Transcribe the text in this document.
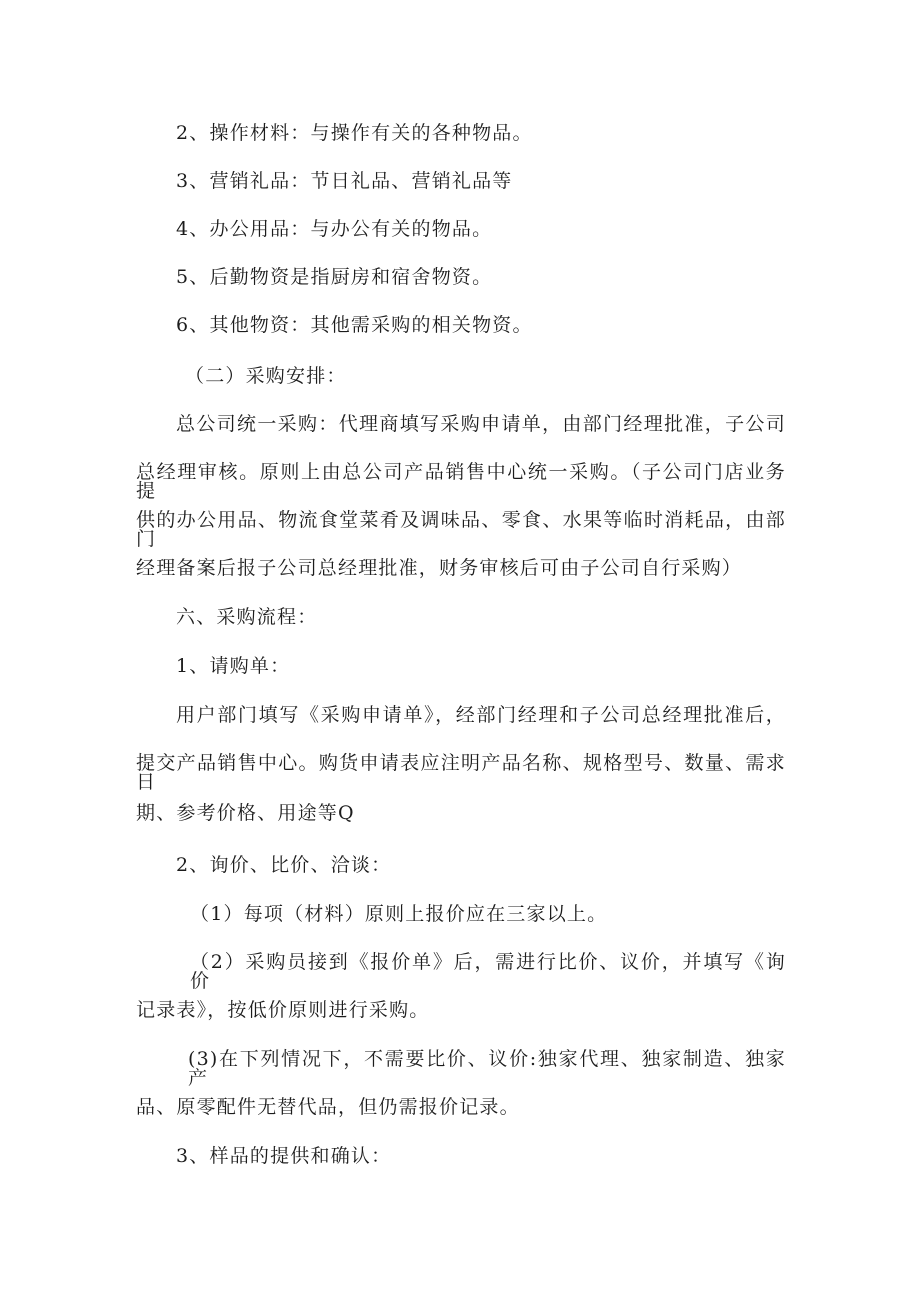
2、操作材料：与操作有关的各种物品。
3、营销礼品：节日礼品、营销礼品等
4、办公用品：与办公有关的物品。
5、后勤物资是指厨房和宿舍物资。
6、其他物资：其他需采购的相关物资。
（二）采购安排：
总公司统一采购：代理商填写采购申请单，由部门经理批准，子公司
总经理审核。原则上由总公司产品销售中心统一采购。（子公司门店业务提
供的办公用品、物流食堂菜肴及调味品、零食、水果等临时消耗品，由部门
经理备案后报子公司总经理批准，财务审核后可由子公司自行采购）
六、采购流程：
1、请购单：
用户部门填写《采购申请单》，经部门经理和子公司总经理批准后，
提交产品销售中心。购货申请表应注明产品名称、规格型号、数量、需求日
期、参考价格、用途等Q
2、询价、比价、洽谈：
（1）每项（材料）原则上报价应在三家以上。
（2）采购员接到《报价单》后，需进行比价、议价，并填写《询价
记录表》，按低价原则进行采购。
(3)在下列情况下，不需要比价、议价:独家代理、独家制造、独家产
品、原零配件无替代品，但仍需报价记录。
3、样品的提供和确认：
